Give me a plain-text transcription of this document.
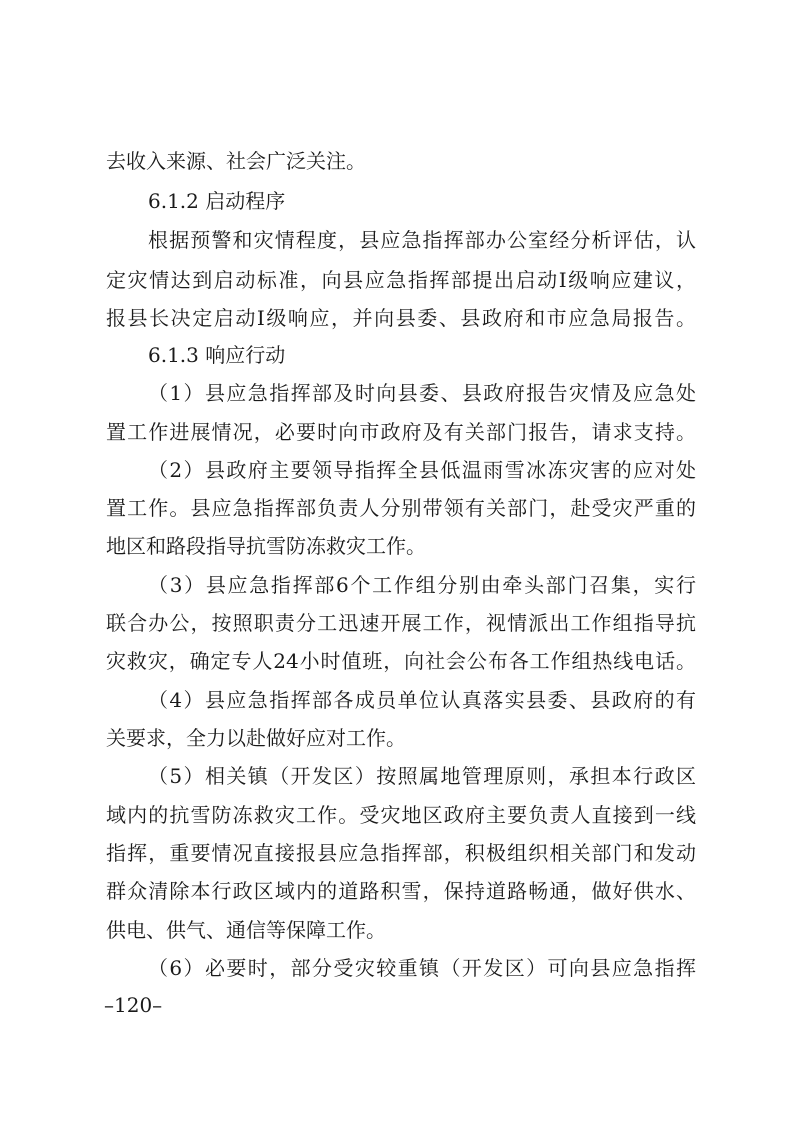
去收入来源、社会广泛关注。
6.1.2 启动程序
根据预警和灾情程度，县应急指挥部办公室经分析评估，认
定灾情达到启动标准，向县应急指挥部提出启动Ⅰ级响应建议，
报县长决定启动Ⅰ级响应，并向县委、县政府和市应急局报告。
6.1.3 响应行动
（1）县应急指挥部及时向县委、县政府报告灾情及应急处
置工作进展情况，必要时向市政府及有关部门报告，请求支持。
（2）县政府主要领导指挥全县低温雨雪冰冻灾害的应对处
置工作。县应急指挥部负责人分别带领有关部门，赴受灾严重的
地区和路段指导抗雪防冻救灾工作。
（3）县应急指挥部6个工作组分别由牵头部门召集，实行
联合办公，按照职责分工迅速开展工作，视情派出工作组指导抗
灾救灾，确定专人24小时值班，向社会公布各工作组热线电话。
（4）县应急指挥部各成员单位认真落实县委、县政府的有
关要求，全力以赴做好应对工作。
（5）相关镇（开发区）按照属地管理原则，承担本行政区
域内的抗雪防冻救灾工作。受灾地区政府主要负责人直接到一线
指挥，重要情况直接报县应急指挥部，积极组织相关部门和发动
群众清除本行政区域内的道路积雪，保持道路畅通，做好供水、
供电、供气、通信等保障工作。
（6）必要时，部分受灾较重镇（开发区）可向县应急指挥
–120–
